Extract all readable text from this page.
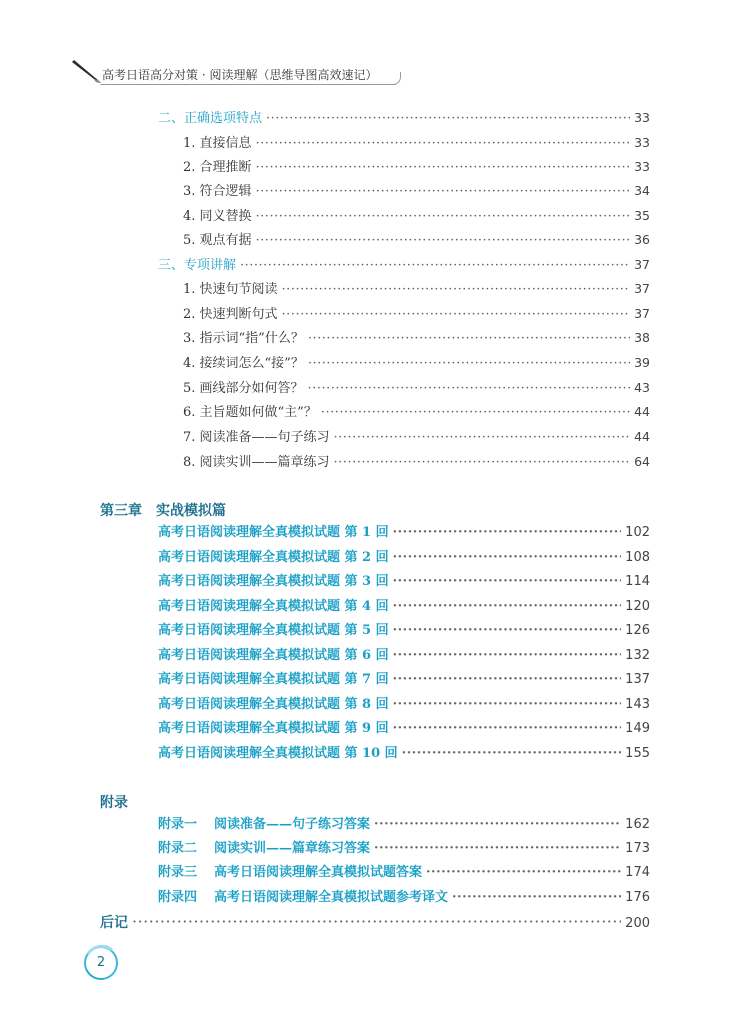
高考日语高分对策 · 阅读理解（思维导图高效速记）
二、正确选项特点 ·····	33
1. 直接信息 ·····	33
2. 合理推断 ·····	33
3. 符合逻辑 ·····	34
4. 同义替换 ·····	35
5. 观点有据 ·····	36
三、专项讲解 ·····	37
1. 快速句节阅读 ·····	37
2. 快速判断句式 ·····	37
3. 指示词“指”什么？ ·····	38
4. 接续词怎么“接”？ ·····	39
5. 画线部分如何答？ ·····	43
6. 主旨题如何做“主”？ ·····	44
7. 阅读准备——句子练习 ·····	44
8. 阅读实训——篇章练习 ·····	64
第三章 实战模拟篇
高考日语阅读理解全真模拟试题 第 1 回 ·····	102
高考日语阅读理解全真模拟试题 第 2 回 ·····	108
高考日语阅读理解全真模拟试题 第 3 回 ·····	114
高考日语阅读理解全真模拟试题 第 4 回 ·····	120
高考日语阅读理解全真模拟试题 第 5 回 ·····	126
高考日语阅读理解全真模拟试题 第 6 回 ·····	132
高考日语阅读理解全真模拟试题 第 7 回 ·····	137
高考日语阅读理解全真模拟试题 第 8 回 ·····	143
高考日语阅读理解全真模拟试题 第 9 回 ·····	149
高考日语阅读理解全真模拟试题 第 10 回 ·····	155
附录
附录一 阅读准备——句子练习答案 ·····	162
附录二 阅读实训——篇章练习答案 ·····	173
附录三 高考日语阅读理解全真模拟试题答案 ·····	174
附录四 高考日语阅读理解全真模拟试题参考译文 ·····	176
后记 ·····	200
2
